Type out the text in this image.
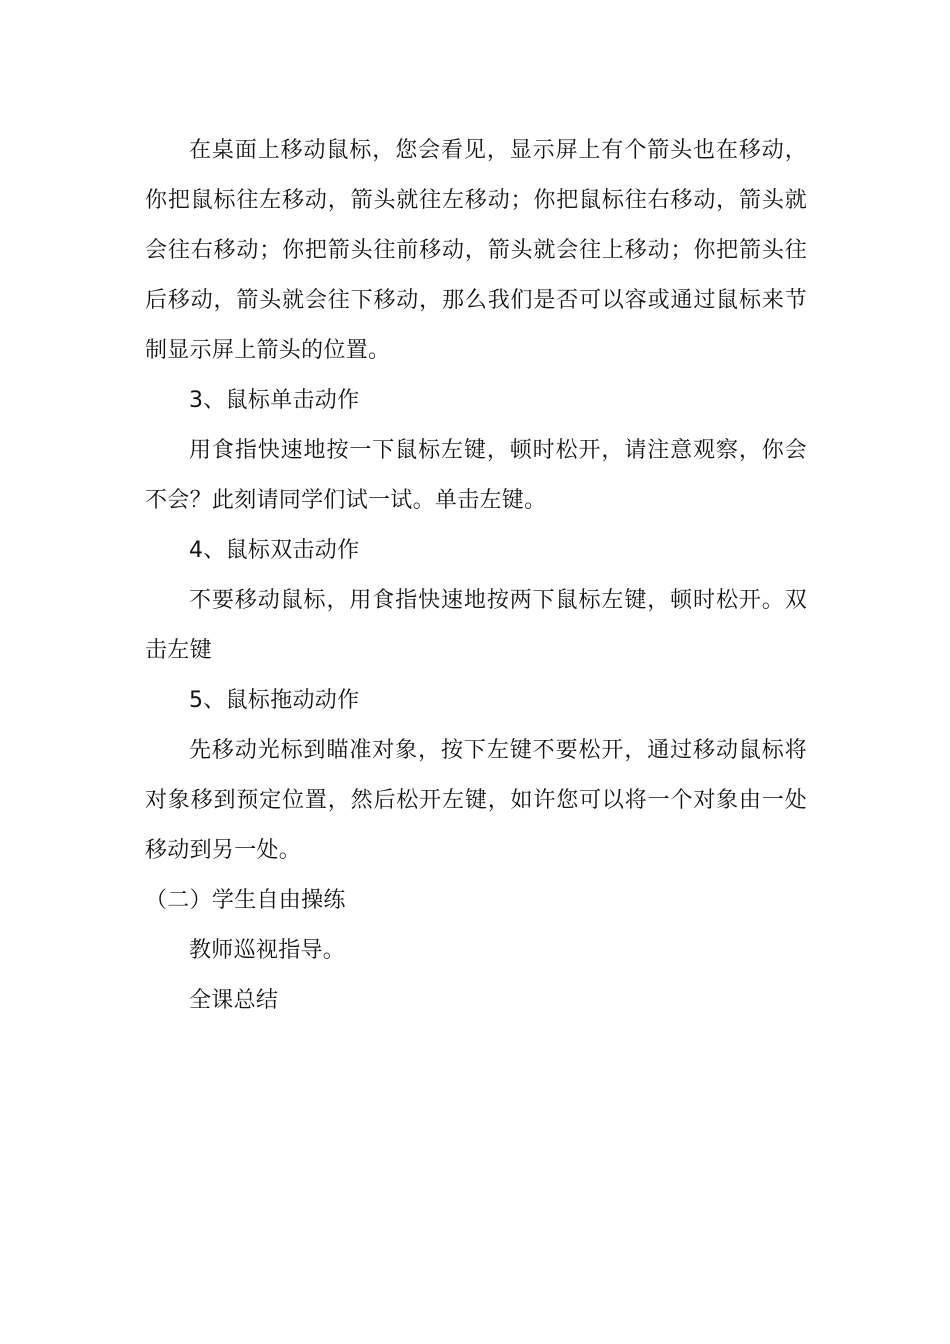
在桌面上移动鼠标，您会看见，显示屏上有个箭头也在移动，你把鼠标往左移动，箭头就往左移动；你把鼠标往右移动，箭头就会往右移动；你把箭头往前移动，箭头就会往上移动；你把箭头往后移动，箭头就会往下移动，那么我们是否可以容或通过鼠标来节制显示屏上箭头的位置。

3、鼠标单击动作

用食指快速地按一下鼠标左键，顿时松开，请注意观察，你会不会？此刻请同学们试一试。单击左键。

4、鼠标双击动作

不要移动鼠标，用食指快速地按两下鼠标左键，顿时松开。双击左键

5、鼠标拖动动作

先移动光标到瞄准对象，按下左键不要松开，通过移动鼠标将对象移到预定位置，然后松开左键，如许您可以将一个对象由一处移动到另一处。

（二）学生自由操练

教师巡视指导。

全课总结
